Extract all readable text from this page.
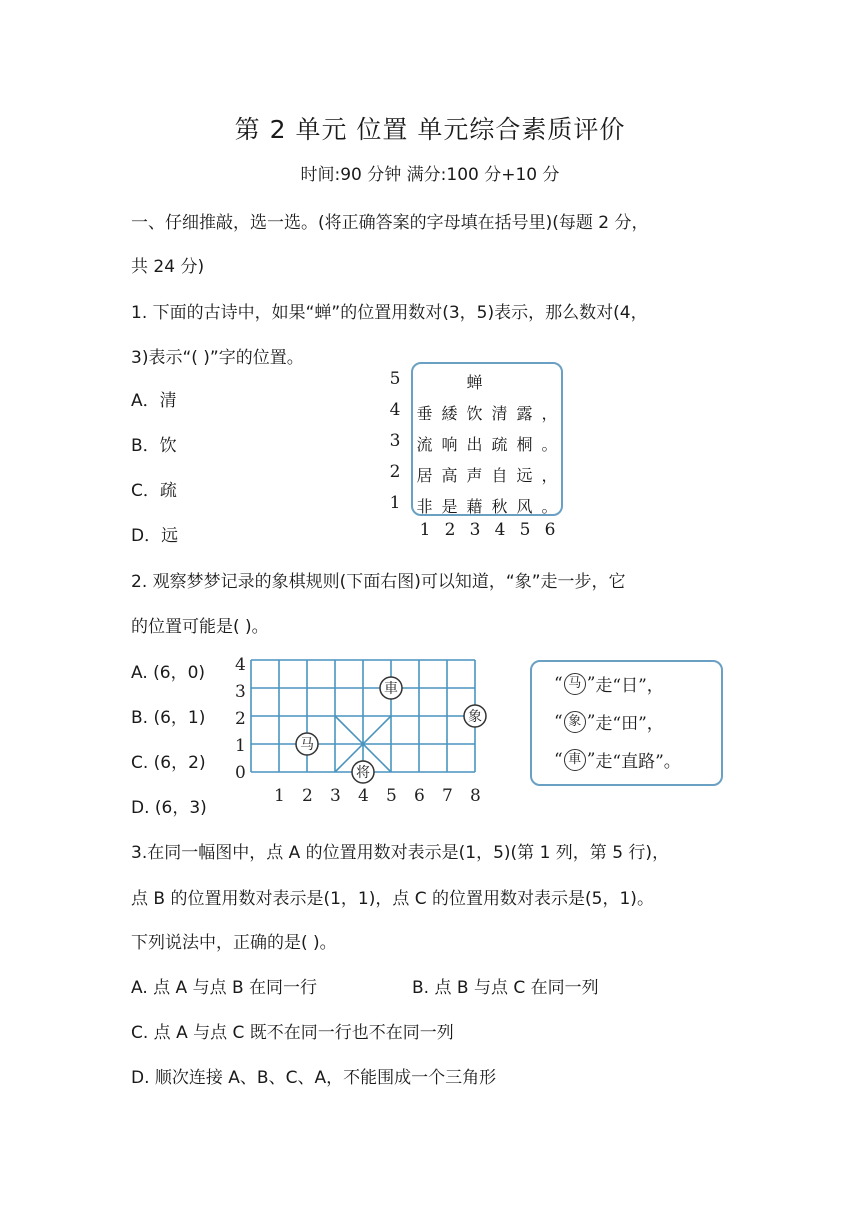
第 2 单元 位置 单元综合素质评价
时间:90 分钟 满分:100 分+10 分
一、仔细推敲，选一选。(将正确答案的字母填在括号里)(每题 2 分，
共 24 分)
1. 下面的古诗中，如果“蝉”的位置用数对(3，5)表示，那么数对(4，
3)表示“( )”字的位置。
A．清
B．饮
C．疏
D．远
5
4
3
2
1
蝉
垂 緌 饮 清 露 ，
流 响 出 疏 桐 。
居 高 声 自 远 ，
非 是 藉 秋 风 。
1 2 3 4 5 6
2. 观察梦梦记录的象棋规则(下面右图)可以知道，“象”走一步，它
的位置可能是( )。
A. (6，0)
B. (6，1)
C. (6，2)
D. (6，3)
0
1
2
3
4
1 2 3 4 5 6 7 8
马
車
将
象
“ 马 ” 走“日”，
“ 象 ” 走“田”，
“ 車 ” 走“直路”。
3.在同一幅图中，点 A 的位置用数对表示是(1，5)(第 1 列，第 5 行)，
点 B 的位置用数对表示是(1，1)，点 C 的位置用数对表示是(5，1)。
下列说法中，正确的是( )。
A. 点 A 与点 B 在同一行	B. 点 B 与点 C 在同一列
C. 点 A 与点 C 既不在同一行也不在同一列
D. 顺次连接 A、B、C、A，不能围成一个三角形
